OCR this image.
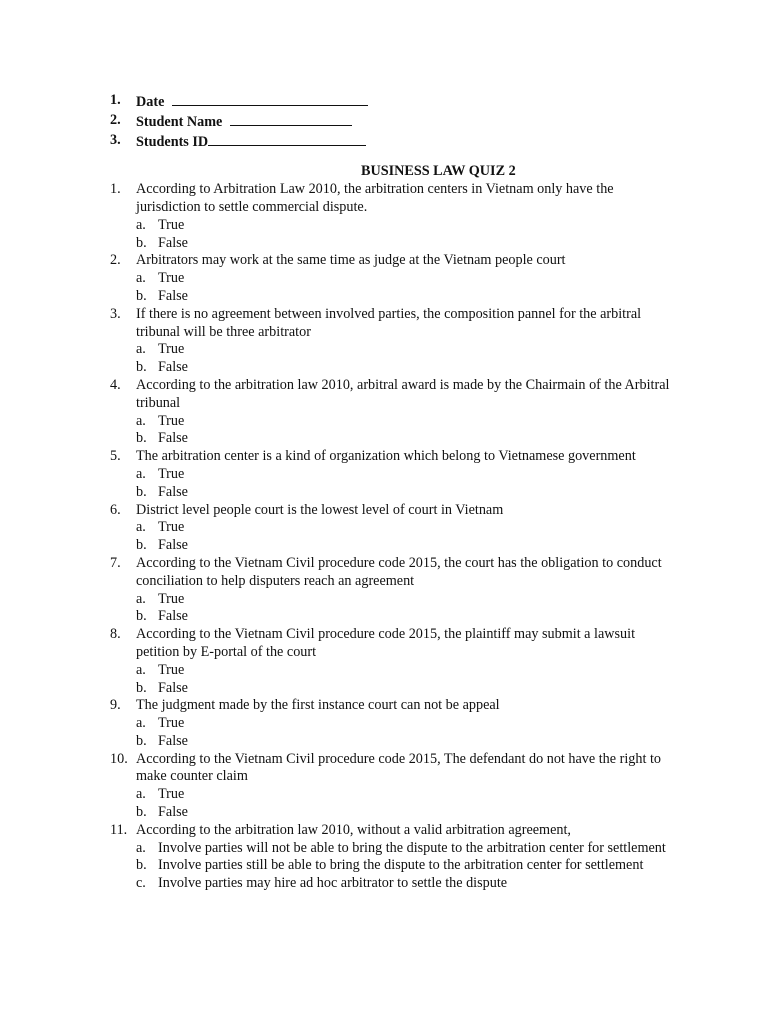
1.	Date
2.	Student Name
3.	Students ID
BUSINESS LAW QUIZ 2
1.	According to Arbitration Law 2010, the arbitration centers in Vietnam only have the jurisdiction to settle commercial dispute.
a. True
b. False
2.	Arbitrators may work at the same time as judge at the Vietnam people court
a. True
b. False
3.	If there is no agreement between involved parties, the composition pannel for the arbitral tribunal will be three arbitrator
a. True
b. False
4.	According to the arbitration law 2010, arbitral award is made by the Chairmain of the Arbitral tribunal
a. True
b. False
5.	The arbitration center is a kind of organization which belong to Vietnamese government
a. True
b. False
6.	District level people court is the lowest level of court in Vietnam
a. True
b. False
7.	According to the Vietnam Civil procedure code 2015, the court has the obligation to conduct conciliation to help disputers reach an agreement
a. True
b. False
8.	According to the Vietnam Civil procedure code 2015, the plaintiff may submit a lawsuit petition by E-portal of the court
a. True
b. False
9.	The judgment made by the first instance court can not be appeal
a. True
b. False
10. According to the Vietnam Civil procedure code 2015, The defendant do not have the right to make counter claim
a. True
b. False
11. According to the arbitration law 2010, without a valid arbitration agreement,
a. Involve parties will not be able to bring the dispute to the arbitration center for settlement
b. Involve parties still be able to bring the dispute to the arbitration center for settlement
c. Involve parties may hire ad hoc arbitrator to settle the dispute
